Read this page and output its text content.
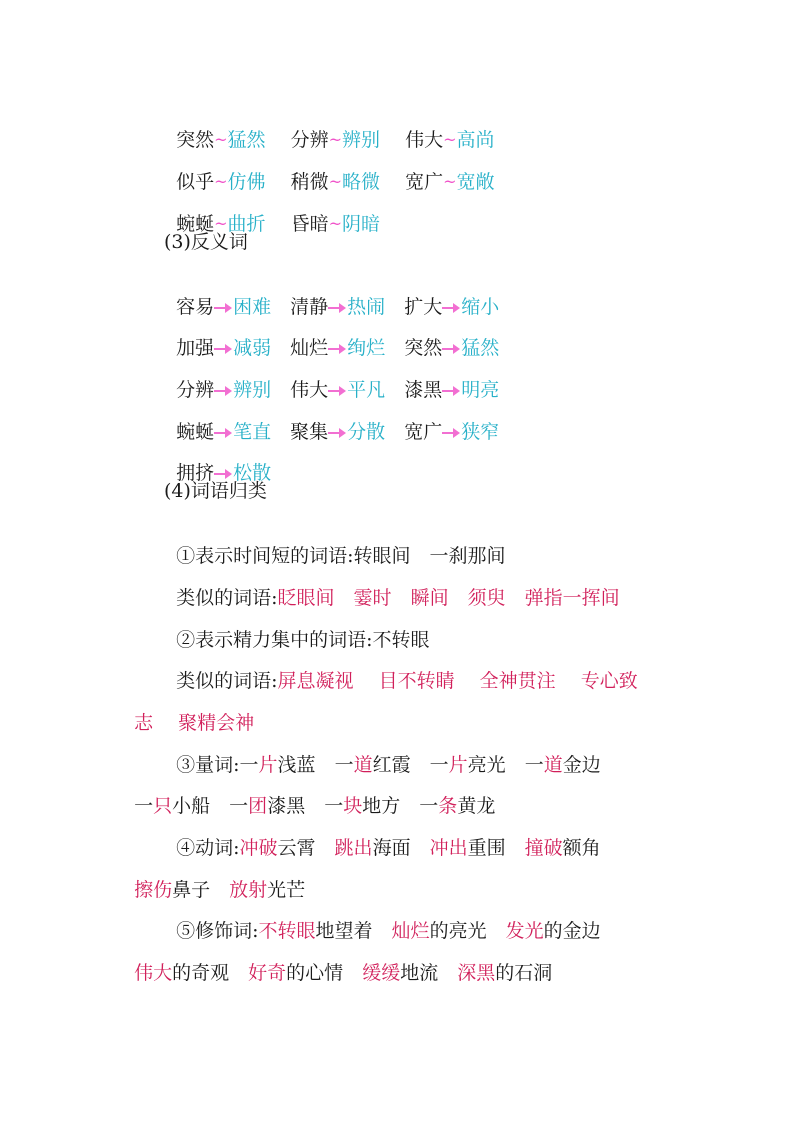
突然~猛然　 分辨~辨别　 伟大~高尚

似乎~仿佛　 稍微~略微　 宽广~宽敞

蜿蜒~曲折　 昏暗~阴暗

(3)反义词

容易 困难　 清静 热闹　 扩大 缩小

加强 减弱　 灿烂 绚烂　 突然 猛然

分辨 辨别　 伟大 平凡　 漆黑 明亮

蜿蜒 笔直　 聚集 分散　 宽广 狭窄

拥挤 松散

(4)词语归类

①表示时间短的词语:转眼间　一刹那间

类似的词语:眨眼间　 霎时　 瞬间　 须臾　 弹指一挥间

②表示精力集中的词语:不转眼

类似的词语:屏息凝视　 目不转睛　 全神贯注　 专心致

志　 聚精会神

③量词:一片浅蓝　 一道红霞　 一片亮光　 一道金边

一只小船　 一团漆黑　 一块地方　 一条黄龙

④动词:冲破云霄　 跳出海面　 冲出重围　 撞破额角

擦伤鼻子　 放射光芒

⑤修饰词:不转眼地望着　 灿烂的亮光　 发光的金边

伟大的奇观　 好奇的心情　 缓缓地流　 深黑的石洞
